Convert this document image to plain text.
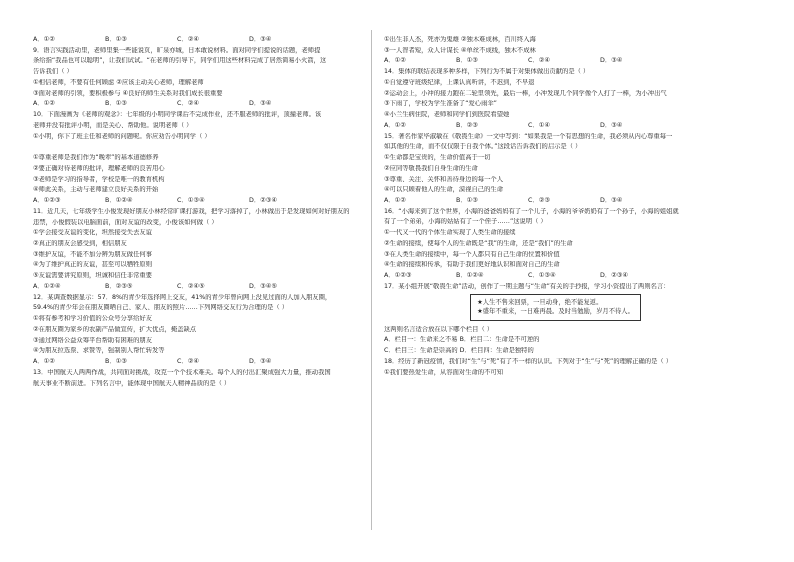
A．①②	B．①③	C．②④	D．③④
9．语言实践活动里，老师里集一些能说页，旷泉亦城，日本敢说材料。面对同学们提说的话题，老师提
条给指“我品也可以聪明”，让我们试试。“在老师的引导下，同学们用这些材料完成了居然简易小火箭，这
告诉我们（ ）
①相信老师，不要有任何顾虑 ②应该主动关心老师，理解老师
③面对老师的引领，要积极参与 ④良好的师生关系对我们成长很重要
A．①②	B．①③	C．②④	D．③④
10．下面漫画为《老师的观念》：七年级的小明同学课后不完成作业，还不服老师的批评，顶撞老师。该
老师并没有批评小明，而是关心、帮助他。说明老师（ ）
①小明，你下了班主任和老师的问题呢。你应劝告小明同学（ ）
①尊重老师是我们作为“晚辈”的基本道德修养
②要正确对待老师的批评，理解老师的良苦用心
③老师是学习的指导者，学校是唯一的教育机构
④师此关系，主动与老师建立良好关系的开始
A．①②③	B．①②④	C．①③④	D．②③④
11．近几天，七年级学生小俊发现好朋友小林经常旷课打游戏，把学习落掉了，小林做出于是发现如何对好朋友的
违禁，小俊假装以电脑面前，面对友谊的改变，小俊该如何做（ ）
①学会接受友谊的变化，坦然接受失去友谊
②真正的朋友会感受到，相信朋友
③维护友谊，不能不加分辨为朋友做任何事
④为了维护真正的友谊，甚至可以牺牲原则
⑤友谊需要讲究原则，坦诚和信任非常重要
A．①②④	B．②③⑤	C．②④⑤	D．③④⑤
12．某调查数据显示：57．8%的青少年选择网上交友，41%的青少年曾向网上没见过面的人加入朋友圈，
59.4%的青少年会在朋友圈晒自己、家人、朋友的照片……下列网络交友行为合理的是（ ）
①将有参考和学习价值的公众号分享给好友
②在朋友圈为家乡的农副产品做宣传，扩大优点，掩盖缺点
③通过网络公益众筹平台帮助有困难的朋友
④为朋友拉选票、求赞等，强制别人帮忙转发等
A．①②	B．①③	C．②④	D．③④
13．中国航天人两两作战，共同面对挑战，攻克一个个技术难关。每个人的付出汇聚成强大力量，推动我国
航天事业不断前进。下列名言中，能体现中国航天人精神品质的是（ ）
①出生非人杰，死亦为鬼雄 ②独木难成林，百川终入海
③一人智者短，众人计谋长 ④单丝不成线，独木不成林
A．①②	B．①③	C．②④	D．③④
14．集体的联结表现多种多样，下列行为不属于对集体做出贡献的是（ ）
①自觉遵守班级纪律，上课认真听讲，不迟到，不早退
②运动会上，小冲的接力跑在二轮里领先，最后一棒，小冲发现几个同学像个人打了一棒，为小冲出气
③下雨了，学校为学生准备了“爱心雨伞”
④小兰生病住院，老师和同学们到医院看望她
A．①②	B．②③	C．①④	D．③④
15．著名作家毕淑敏在《敬畏生命》一文中写到：“如果我是一个有思想的生命，我必须从内心尊重每一
如其他的生命，而不仅仅限于自我个体。”这段话告诉我们的启示是（ ）
①生命都是宝贵的，生命价值高于一切
②应同等敬畏我们自身生命的生命
③尊重、关注、关怀和善待身边的每一个人
④可以只顾着他人的生命，漠视自己的生命
A．①②	B．①③	C．②③	D．③④
16．“小海来到了这个世界，小海的爸爸妈妈有了一个儿子，小海的爷爷奶奶有了一个孙子，小海的姐姐就
有了一个弟弟，小海的姑姑有了一个侄子……”这说明（ ）
①一代又一代的个体生命实现了人类生命的接续
②生命的接续，使每个人的生命既是“我”的生命，还是“我们”的生命
③在人类生命的接续中，每一个人都只有自己生命的位置和价值
④生命的接续和传承，有助于我们更好地认识和面对自己的生命
A．①②③	B．①②④	C．①③④	D．②③④
17．某小组开展“敬畏生命”活动，创作了一期主题与“生命”有关的手抄报，学习小资提出了两则名言：
★人生不售来回票，一旦动身，绝不能复返。
★盛年不重来，一日难再晨。及时当勉励，岁月不待人。
这两则名言适合放在以下哪个栏目（ ）
A．栏目一：生命来之不易 B．栏目二：生命是不可逆的
C．栏目三：生命是崇高的 D．栏目四：生命是独特的
18．经历了新冠疫情，我们对“生”与“死”有了不一样的认识。下列对于“生”与“死”的理解正确的是（ ）
①我们要热爱生命，从容面对生命的不可知
